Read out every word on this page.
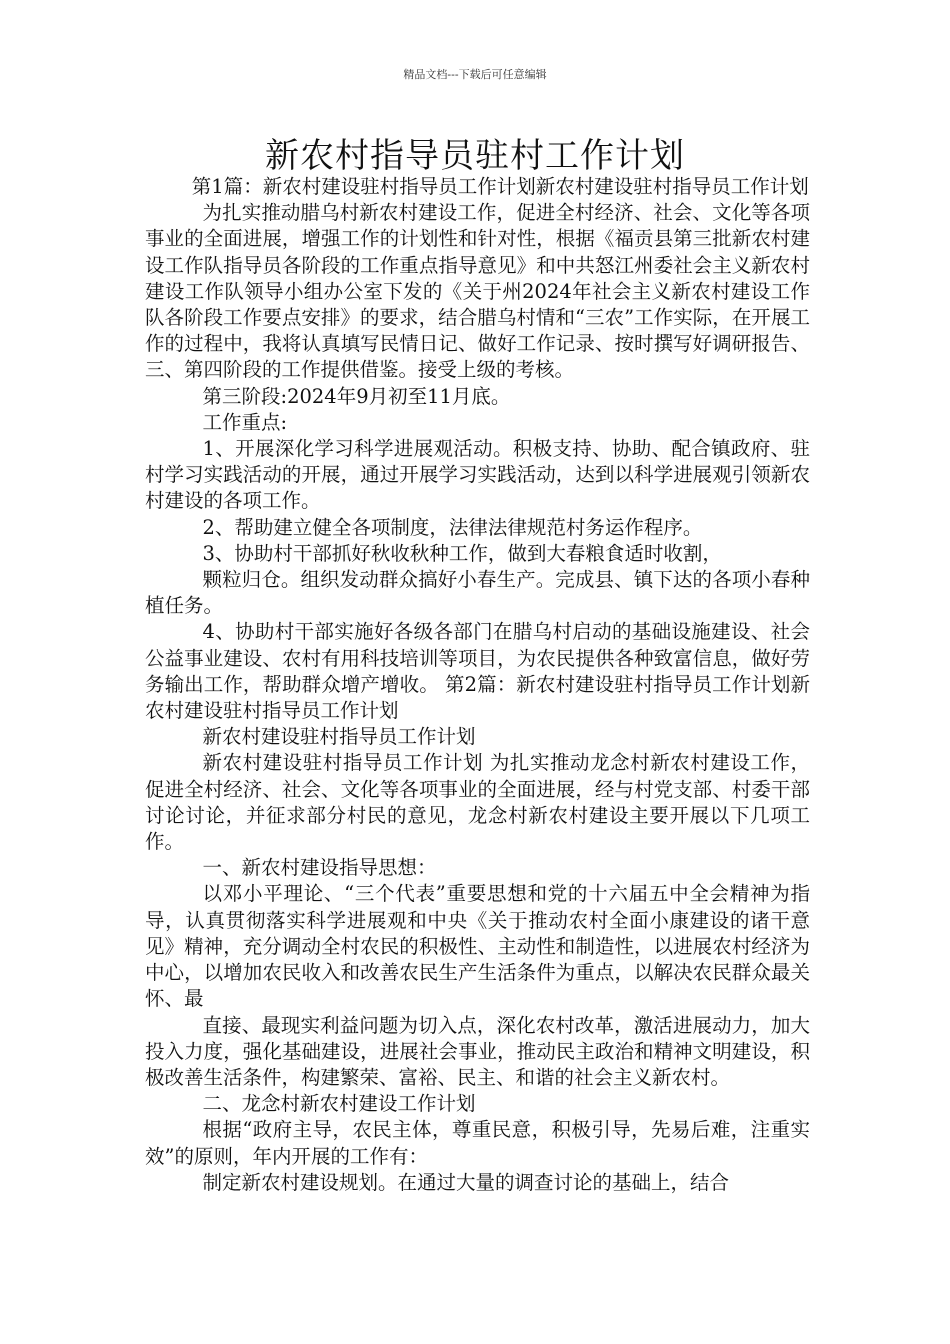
精品文档---下载后可任意编辑
新农村指导员驻村工作计划

第1篇：新农村建设驻村指导员工作计划新农村建设驻村指导员工作计划

为扎实推动腊乌村新农村建设工作，促进全村经济、社会、文化等各项事业的全面进展，增强工作的计划性和针对性，根据《福贡县第三批新农村建设工作队指导员各阶段的工作重点指导意见》和中共怒江州委社会主义新农村建设工作队领导小组办公室下发的《关于州2024年社会主义新农村建设工作队各阶段工作要点安排》的要求，结合腊乌村情和“三农”工作实际，在开展工作的过程中，我将认真填写民情日记、做好工作记录、按时撰写好调研报告、三、第四阶段的工作提供借鉴。接受上级的考核。

第三阶段:2024年9月初至11月底。

工作重点:

1、开展深化学习科学进展观活动。积极支持、协助、配合镇政府、驻村学习实践活动的开展，通过开展学习实践活动，达到以科学进展观引领新农村建设的各项工作。

2、帮助建立健全各项制度，法律法律规范村务运作程序。

3、协助村干部抓好秋收秋种工作，做到大春粮食适时收割，

颗粒归仓。组织发动群众搞好小春生产。完成县、镇下达的各项小春种植任务。

4、协助村干部实施好各级各部门在腊乌村启动的基础设施建设、社会公益事业建设、农村有用科技培训等项目，为农民提供各种致富信息，做好劳务输出工作，帮助群众增产增收。 第2篇：新农村建设驻村指导员工作计划新农村建设驻村指导员工作计划

新农村建设驻村指导员工作计划

新农村建设驻村指导员工作计划 为扎实推动龙念村新农村建设工作，促进全村经济、社会、文化等各项事业的全面进展，经与村党支部、村委干部讨论讨论，并征求部分村民的意见，龙念村新农村建设主要开展以下几项工作。

一、新农村建设指导思想：

以邓小平理论、“三个代表”重要思想和党的十六届五中全会精神为指导，认真贯彻落实科学进展观和中央《关于推动农村全面小康建设的诸干意见》精神，充分调动全村农民的积极性、主动性和制造性，以进展农村经济为中心，以增加农民收入和改善农民生产生活条件为重点，以解决农民群众最关怀、最

直接、最现实利益问题为切入点，深化农村改革，激活进展动力，加大投入力度，强化基础建设，进展社会事业，推动民主政治和精神文明建设，积极改善生活条件，构建繁荣、富裕、民主、和谐的社会主义新农村。

二、龙念村新农村建设工作计划

根据“政府主导，农民主体，尊重民意，积极引导，先易后难，注重实效”的原则，年内开展的工作有：

制定新农村建设规划。在通过大量的调查讨论的基础上，结合
